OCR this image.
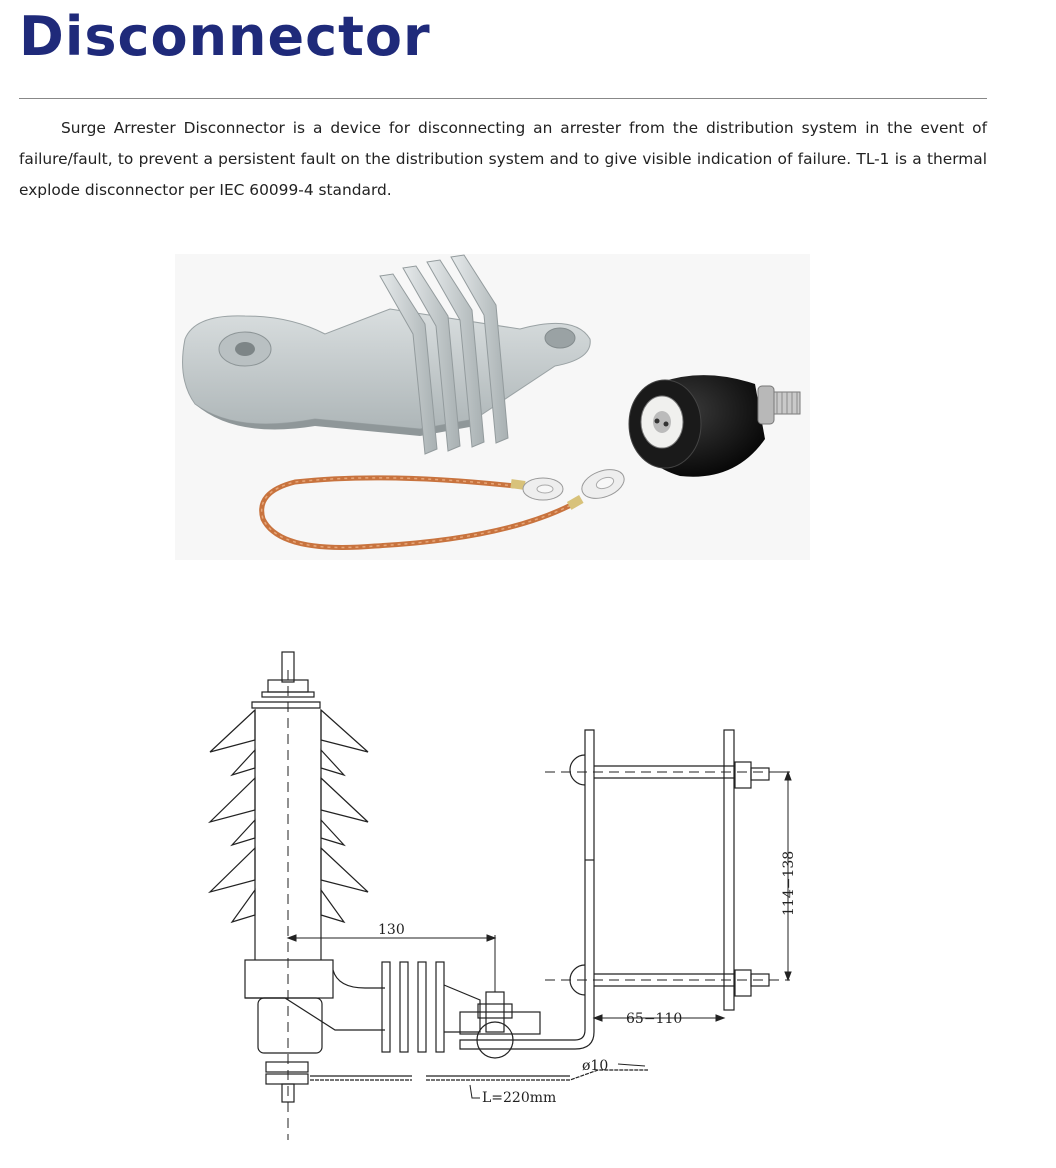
Disconnector

Surge Arrester Disconnector is a device for disconnecting an arrester from the distribution system in the event of failure/fault, to prevent a persistent fault on the distribution system and to give visible indication of failure. TL-1 is a thermal explode disconnector per IEC 60099-4 standard.

130
114−138
65−110
ø10
L=220mm
